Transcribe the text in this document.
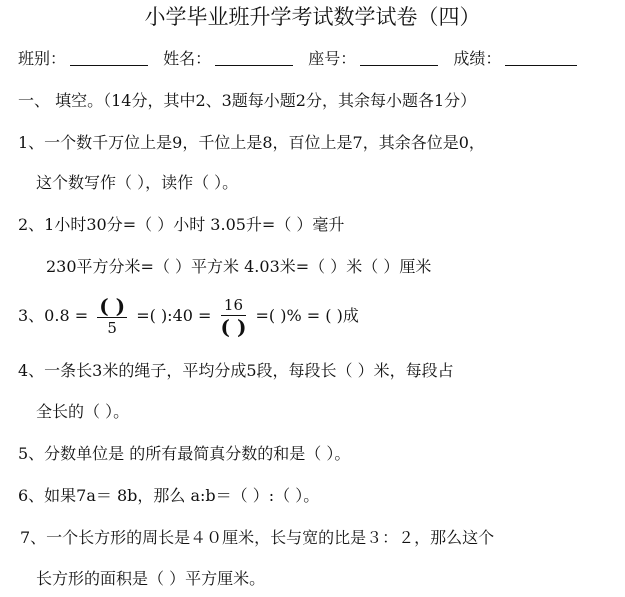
小学毕业班升学考试数学试卷（四）
班别：	姓名：	座号：	成绩：
一、 填空。（14分，其中2、3题每小题2分，其余每小题各1分）
1、一个数千万位上是9，千位上是8，百位上是7，其余各位是0，
这个数写作（ ），读作（ ）。
2、1小时30分=（ ）小时 3.05升=（ ）毫升
230平方分米=（ ）平方米 4.03米=（ ）米（ ）厘米
3、$0.8 = \frac{( )}{5}$ =( ):40 = $\frac{16}{( )}$ =( )% = ( )成
4、一条长3米的绳子，平均分成5段，每段长（ ）米，每段占
全长的（ ）。
5、分数单位是 的所有最简真分数的和是（ ）。
6、如果7a＝ 8b，那么 a:b＝（ ）:（ ）。
7、一个长方形的周长是４０厘米，长与宽的比是３：２，那么这个
长方形的面积是（ ）平方厘米。
